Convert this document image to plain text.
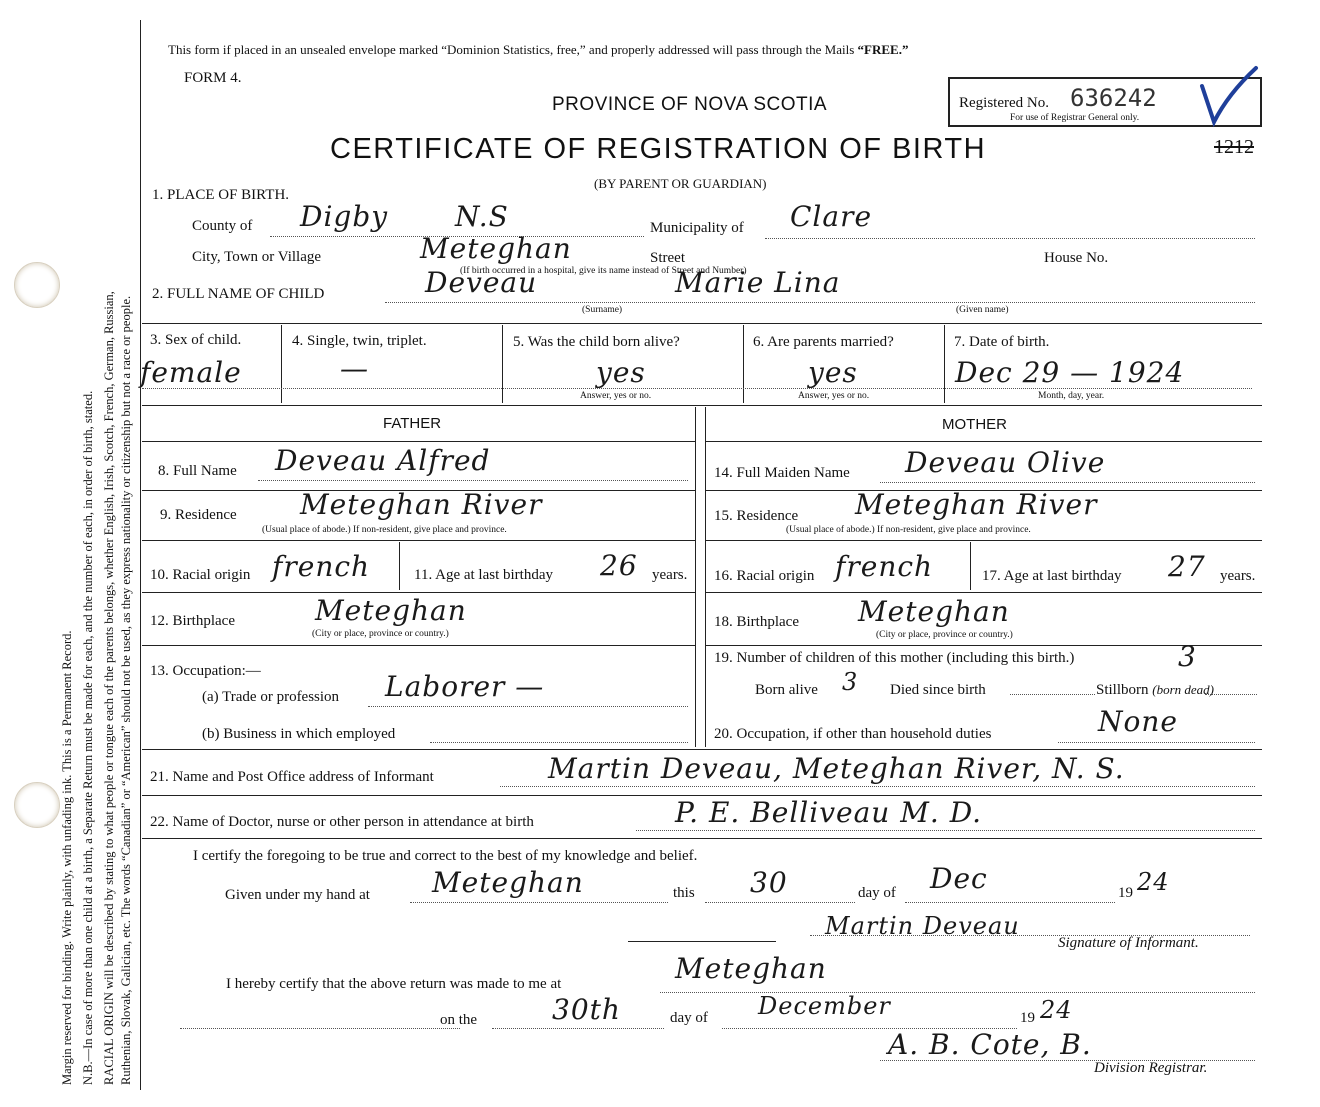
Margin reserved for binding. Write plainly, with unfading ink. This is a Permanent Record. N.B.—In case of more than one child at a birth, a Separate Return must be made for each, and the number of each, in order of birth, stated. RACIAL ORIGIN will be described by stating to what people or tongue each of the parents belongs, whether English, Irish, Scotch, French, German, Russian, Ruthenian, Slovak, Galician, etc. The words “Canadian” or “American” should not be used, as they express nationality or citizenship but not a race or people.
This form if placed in an unsealed envelope marked “Dominion Statistics, free,” and properly addressed will pass through the Mails “FREE.”
FORM 4.
PROVINCE OF NOVA SCOTIA	Registered No. 636242
For use of Registrar General only.
1212
CERTIFICATE OF REGISTRATION OF BIRTH
(BY PARENT OR GUARDIAN)
1. PLACE OF BIRTH.
County of Digby N.S	Municipality of Clare
City, Town or Village	Meteghan	Street	House No.
(If birth occurred in a hospital, give its name instead of Street and Number)
2. FULL NAME OF CHILD	Deveau	Marie Lina
(Surname)	(Given name)
3. Sex of child.
female
4. Single, twin, triplet.
—
5. Was the child born alive?
yes
Answer, yes or no.
6. Are parents married?
yes
Answer, yes or no.
7. Date of birth.
Dec 29 — 1924
Month, day, year.
FATHER	MOTHER
8. Full Name Deveau Alfred
9. Residence Meteghan River
(Usual place of abode.) If non-resident, give place and province.
10. Racial origin french	11. Age at last birthday 26 years.
12. Birthplace	Meteghan
(City or place, province or country.)
13. Occupation:—
(a) Trade or profession Laborer —
(b) Business in which employed
14. Full Maiden Name Deveau Olive
15. Residence Meteghan River
(Usual place of abode.) If non-resident, give place and province.
16. Racial origin french	17. Age at last birthday 27 years.
18. Birthplace Meteghan
(City or place, province or country.)
19. Number of children of this mother (including this birth.)	3
Born alive 3 Died since birth	Stillborn (born dead)
20. Occupation, if other than household duties	None
21. Name and Post Office address of Informant	Martin Deveau, Meteghan River, N. S.
22. Name of Doctor, nurse or other person in attendance at birth	P. E. Belliveau M. D.
I certify the foregoing to be true and correct to the best of my knowledge and belief.
Given under my hand at Meteghan	this 30	day of Dec	19 24
Martin Deveau
Signature of Informant.
I hereby certify that the above return was made to me at	Meteghan
on the	30th	day of December	19 24
A. B. Cote, B.
Division Registrar.
